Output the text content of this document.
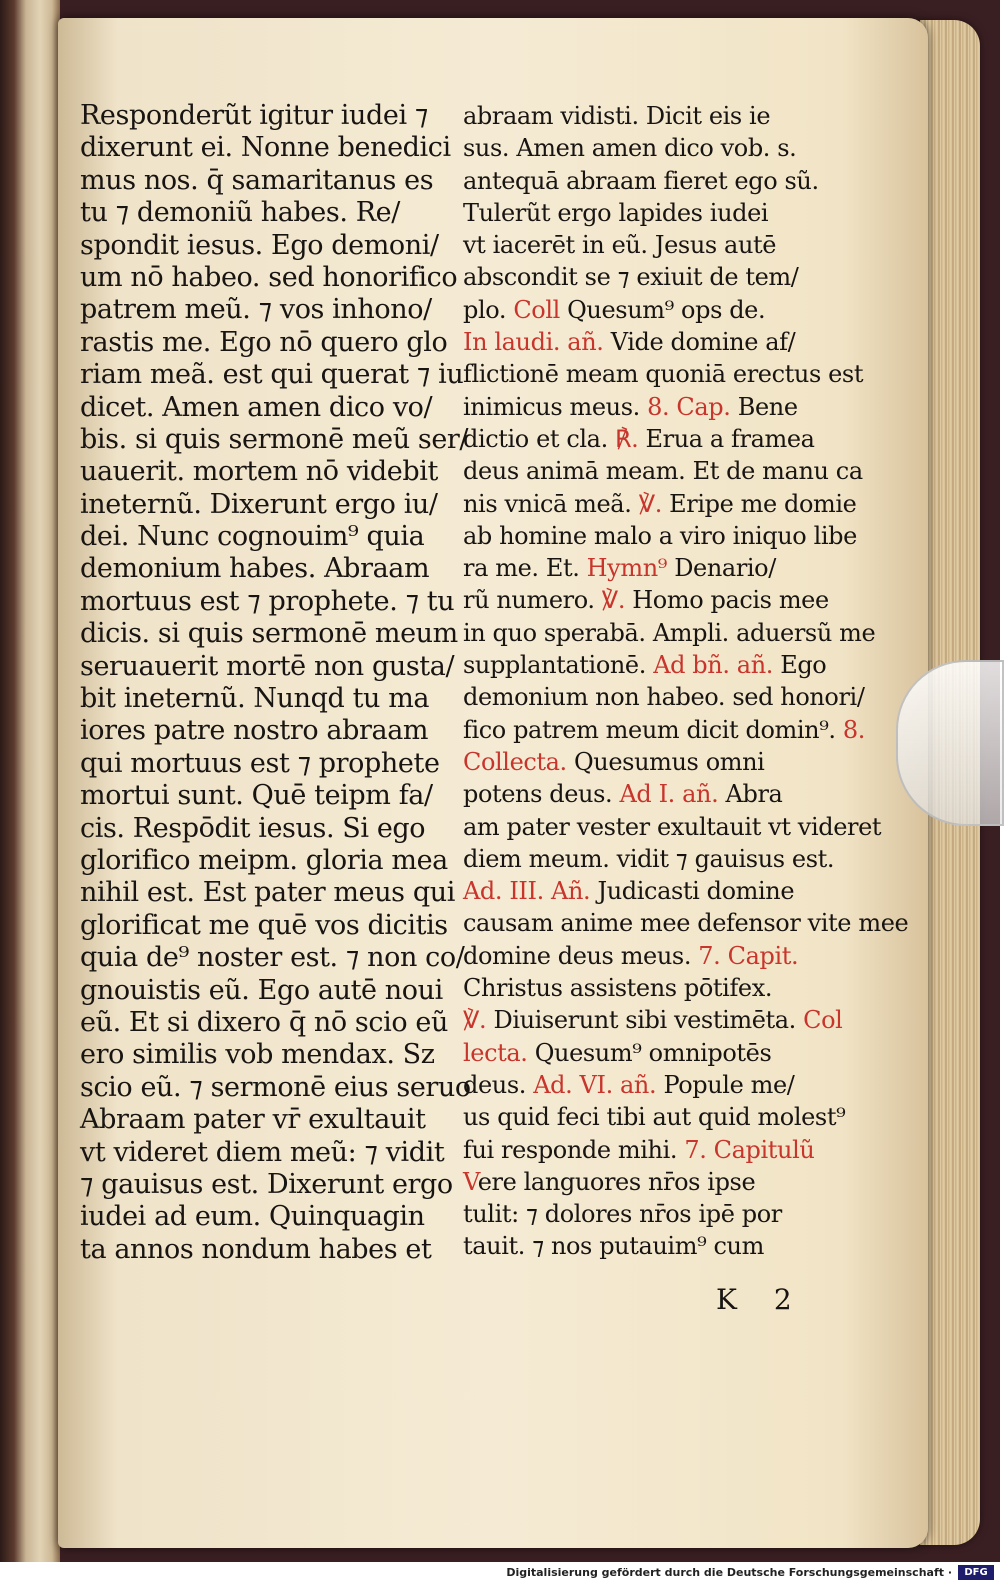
Responderũt igitur iudei ⁊
dixerunt ei. Nonne benedici
mus nos. q̄ samaritanus es
tu ⁊ demoniũ habes. Re/
spondit iesus. Ego demoni/
um nō habeo. sed honorifico
patrem meũ. ⁊ vos inhono/
rastis me. Ego nō quero glo
riam meã. est qui querat ⁊ iu
dicet. Amen amen dico vo/
bis. si quis sermonē meũ ser/
uauerit. mortem nō videbit
ineternũ. Dixerunt ergo iu/
dei. Nunc cognouim⁹ quia
demonium habes. Abraam
mortuus est ⁊ prophete. ⁊ tu
dicis. si quis sermonē meum
seruauerit mortē non gusta/
bit ineternũ. Nunqd tu ma
iores patre nostro abraam
qui mortuus est ⁊ prophete
mortui sunt. Quē teipm fa/
cis. Respōdit iesus. Si ego
glorifico meipm. gloria mea
nihil est. Est pater meus qui
glorificat me quē vos dicitis
quia de⁹ noster est. ⁊ non co/
gnouistis eũ. Ego autē noui
eũ. Et si dixero q̄ nō scio eũ
ero similis vob mendax. Sz
scio eũ. ⁊ sermonē eius seruo
Abraam pater vr̄ exultauit
vt videret diem meũ: ⁊ vidit
⁊ gauisus est. Dixerunt ergo
iudei ad eum. Quinquagin
ta annos nondum habes et
abraam vidisti. Dicit eis ie
sus. Amen amen dico vob. s.
antequā abraam fieret ego sũ.
Tulerũt ergo lapides iudei
vt iacerēt in eũ. Jesus autē
abscondit se ⁊ exiuit de tem/
plo. Coll Quesum⁹ ops de.
In laudi. añ. Vide domine af/
flictionē meam quoniā erectus est
inimicus meus. 8. Cap. Bene
dictio et cla. ℟. Erua a framea
deus animā meam. Et de manu ca
nis vnicā meã. ℣. Eripe me domie
ab homine malo a viro iniquo libe
ra me. Et. Hymn⁹ Denario/
rũ numero. ℣. Homo pacis mee
in quo sperabā. Ampli. aduersũ me
supplantationē. Ad bñ. añ. Ego
demonium non habeo. sed honori/
fico patrem meum dicit domin⁹. 8.
Collecta. Quesumus omni
potens deus. Ad I. añ. Abra
am pater vester exultauit vt videret
diem meum. vidit ⁊ gauisus est.
Ad. III. Añ. Judicasti domine
causam anime mee defensor vite mee
domine deus meus. 7. Capit.
Christus assistens pōtifex.
℣. Diuiserunt sibi vestimēta. Col
lecta. Quesum⁹ omnipotēs
deus. Ad. VI. añ. Popule me/
us quid feci tibi aut quid molest⁹
fui responde mihi. 7. Capitulũ
Vere languores nr̄os ipse
tulit: ⁊ dolores nr̄os ipē por
tauit. ⁊ nos putauim⁹ cum
K 2
Digitalisierung gefördert durch die Deutsche Forschungsgemeinschaft ·	DFG
